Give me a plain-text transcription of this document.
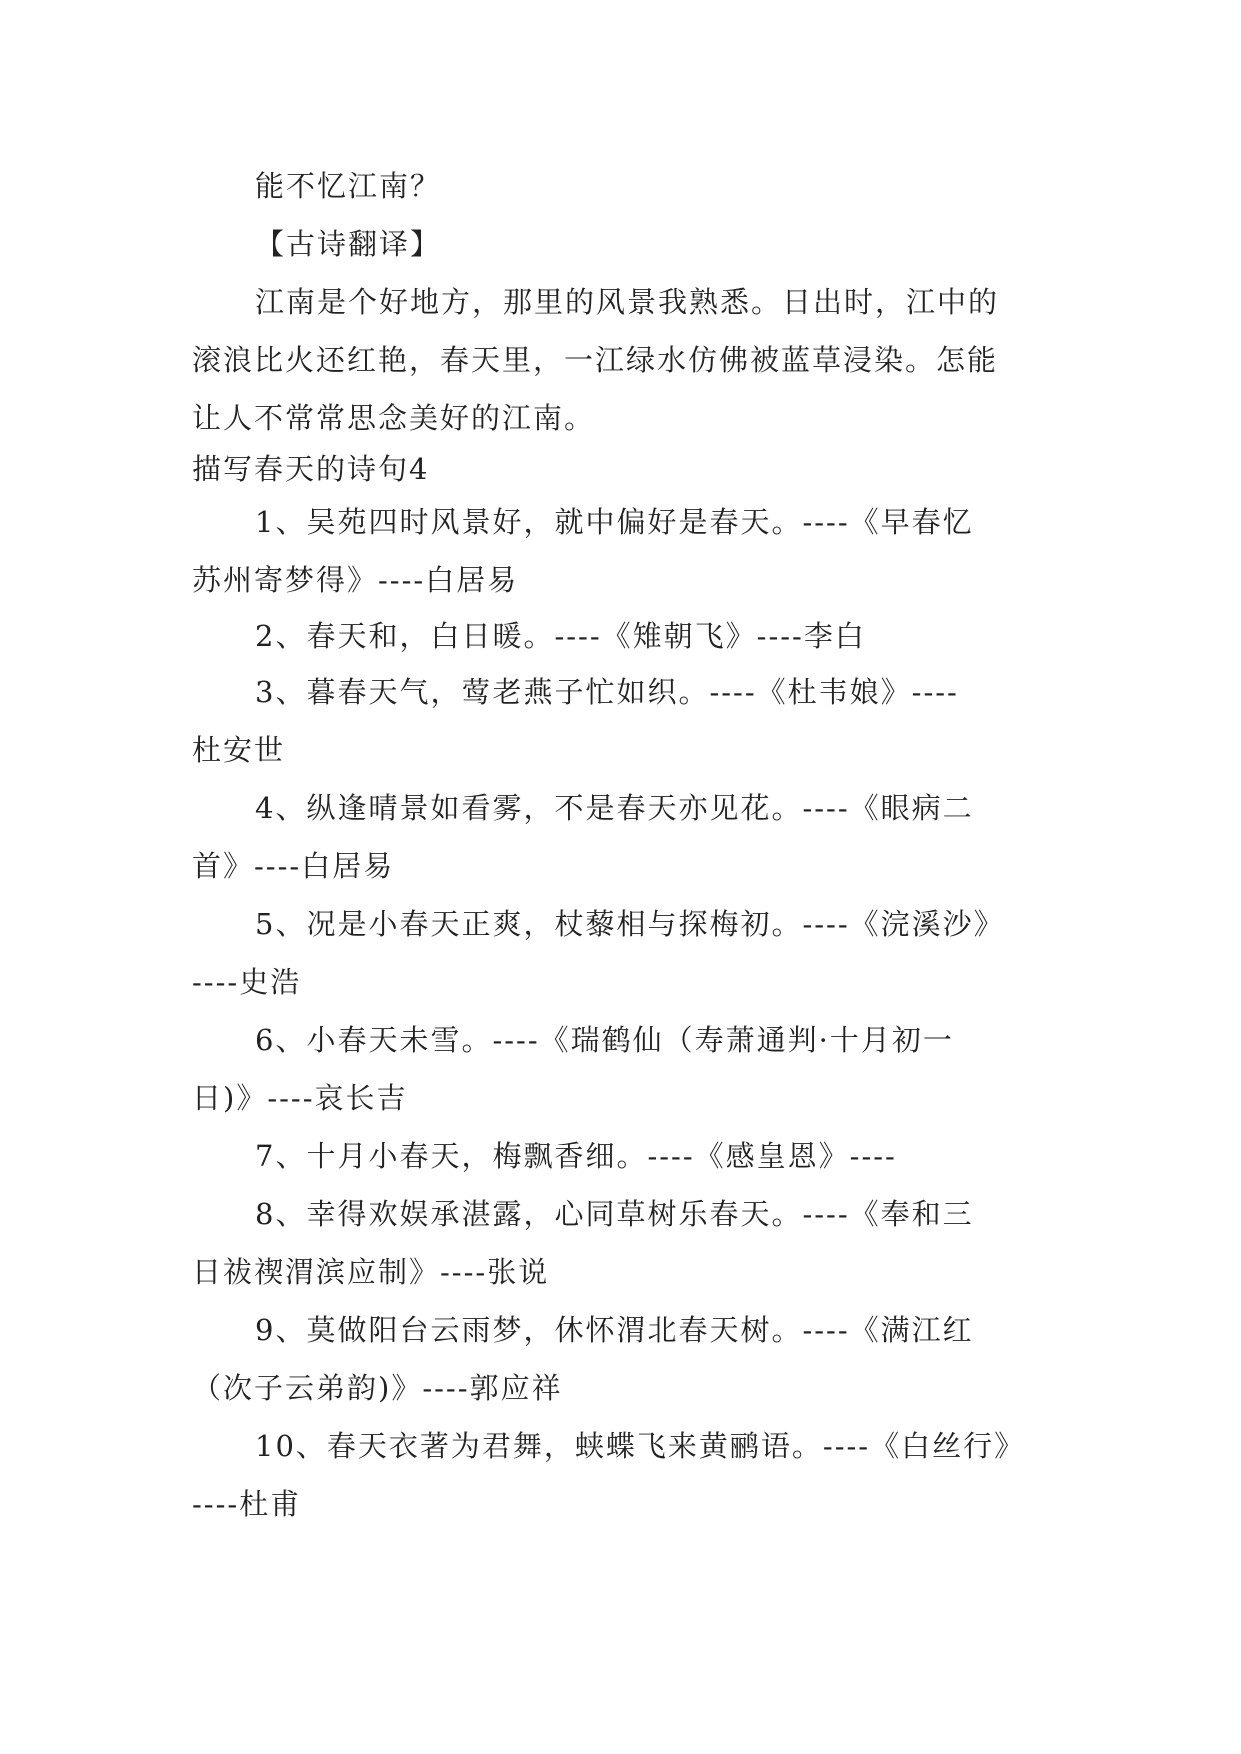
能不忆江南？
【古诗翻译】
江南是个好地方，那里的风景我熟悉。日出时，江中的
滚浪比火还红艳，春天里，一江绿水仿佛被蓝草浸染。怎能
让人不常常思念美好的江南。
描写春天的诗句4
1、吴苑四时风景好，就中偏好是春天。----《早春忆
苏州寄梦得》----白居易
2、春天和，白日暖。----《雉朝飞》----李白
3、暮春天气，莺老燕子忙如织。----《杜韦娘》----
杜安世
4、纵逢晴景如看雾，不是春天亦见花。----《眼病二
首》----白居易
5、况是小春天正爽，杖藜相与探梅初。----《浣溪沙》
----史浩
6、小春天未雪。----《瑞鹤仙（寿萧通判·十月初一
日)》----哀长吉
7、十月小春天，梅飘香细。----《感皇恩》----
8、幸得欢娱承湛露，心同草树乐春天。----《奉和三
日祓禊渭滨应制》----张说
9、莫做阳台云雨梦，休怀渭北春天树。----《满江红
（次子云弟韵)》----郭应祥
10、春天衣著为君舞，蛱蝶飞来黄鹂语。----《白丝行》
----杜甫
